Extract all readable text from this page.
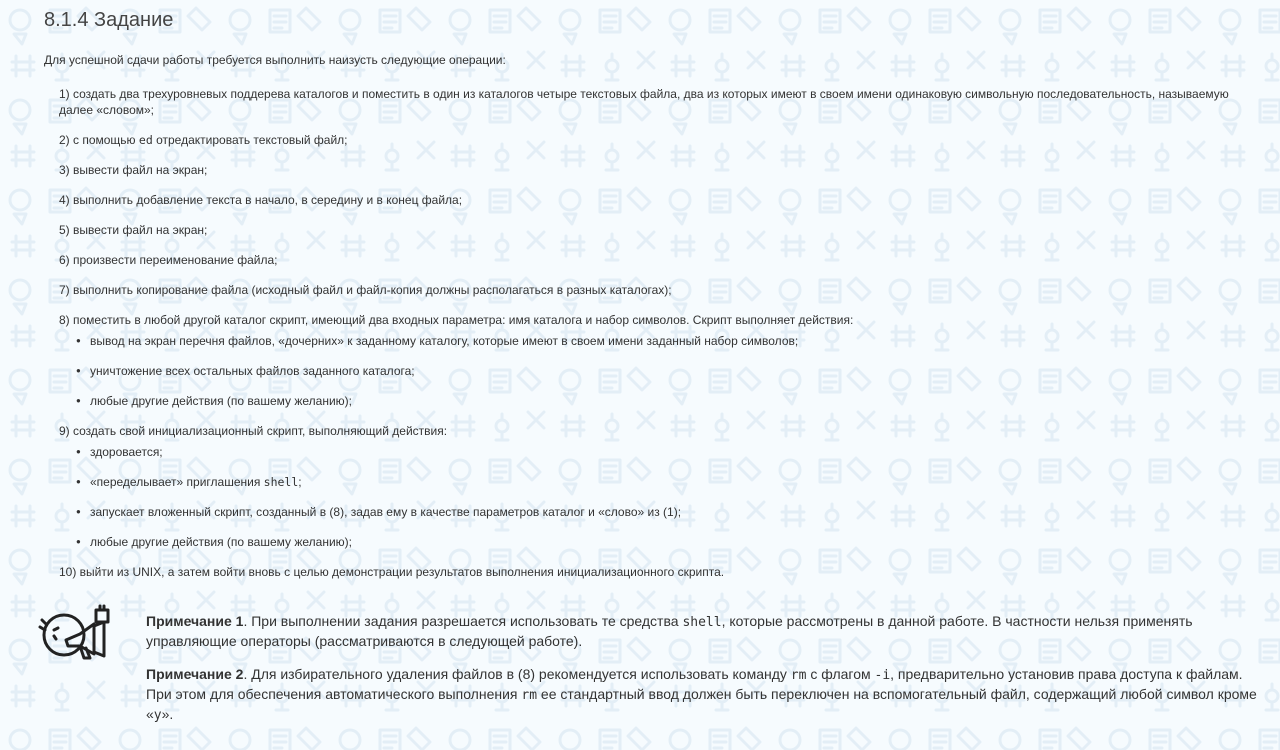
8.1.4 Задание

Для успешной сдачи работы требуется выполнить наизусть следующие операции:

1) создать два трехуровневых поддерева каталогов и поместить в один из каталогов четыре текстовых файла, два из которых имеют в своем имени одинаковую символьную последовательность, называемую далее «словом»;
2) с помощью ed отредактировать текстовый файл;
3) вывести файл на экран;
4) выполнить добавление текста в начало, в середину и в конец файла;
5) вывести файл на экран;
6) произвести переименование файла;
7) выполнить копирование файла (исходный файл и файл-копия должны располагаться в разных каталогах);
8) поместить в любой другой каталог скрипт, имеющий два входных параметра: имя каталога и набор символов. Скрипт выполняет действия:
● вывод на экран перечня файлов, «дочерних» к заданному каталогу, которые имеют в своем имени заданный набор символов;
● уничтожение всех остальных файлов заданного каталога;
● любые другие действия (по вашему желанию);
9) создать свой инициализационный скрипт, выполняющий действия:
● здоровается;
● «переделывает» приглашения shell;
● запускает вложенный скрипт, созданный в (8), задав ему в качестве параметров каталог и «слово» из (1);
● любые другие действия (по вашему желанию);
10) выйти из UNIX, а затем войти вновь с целью демонстрации результатов выполнения инициализационного скрипта.

Примечание 1. При выполнении задания разрешается использовать те средства shell, которые рассмотрены в данной работе. В частности нельзя применять управляющие операторы (рассматриваются в следующей работе).

Примечание 2. Для избирательного удаления файлов в (8) рекомендуется использовать команду rm с флагом -i, предварительно установив права доступа к файлам. При этом для обеспечения автоматического выполнения rm ее стандартный ввод должен быть переключен на вспомогательный файл, содержащий любой символ кроме «y».
